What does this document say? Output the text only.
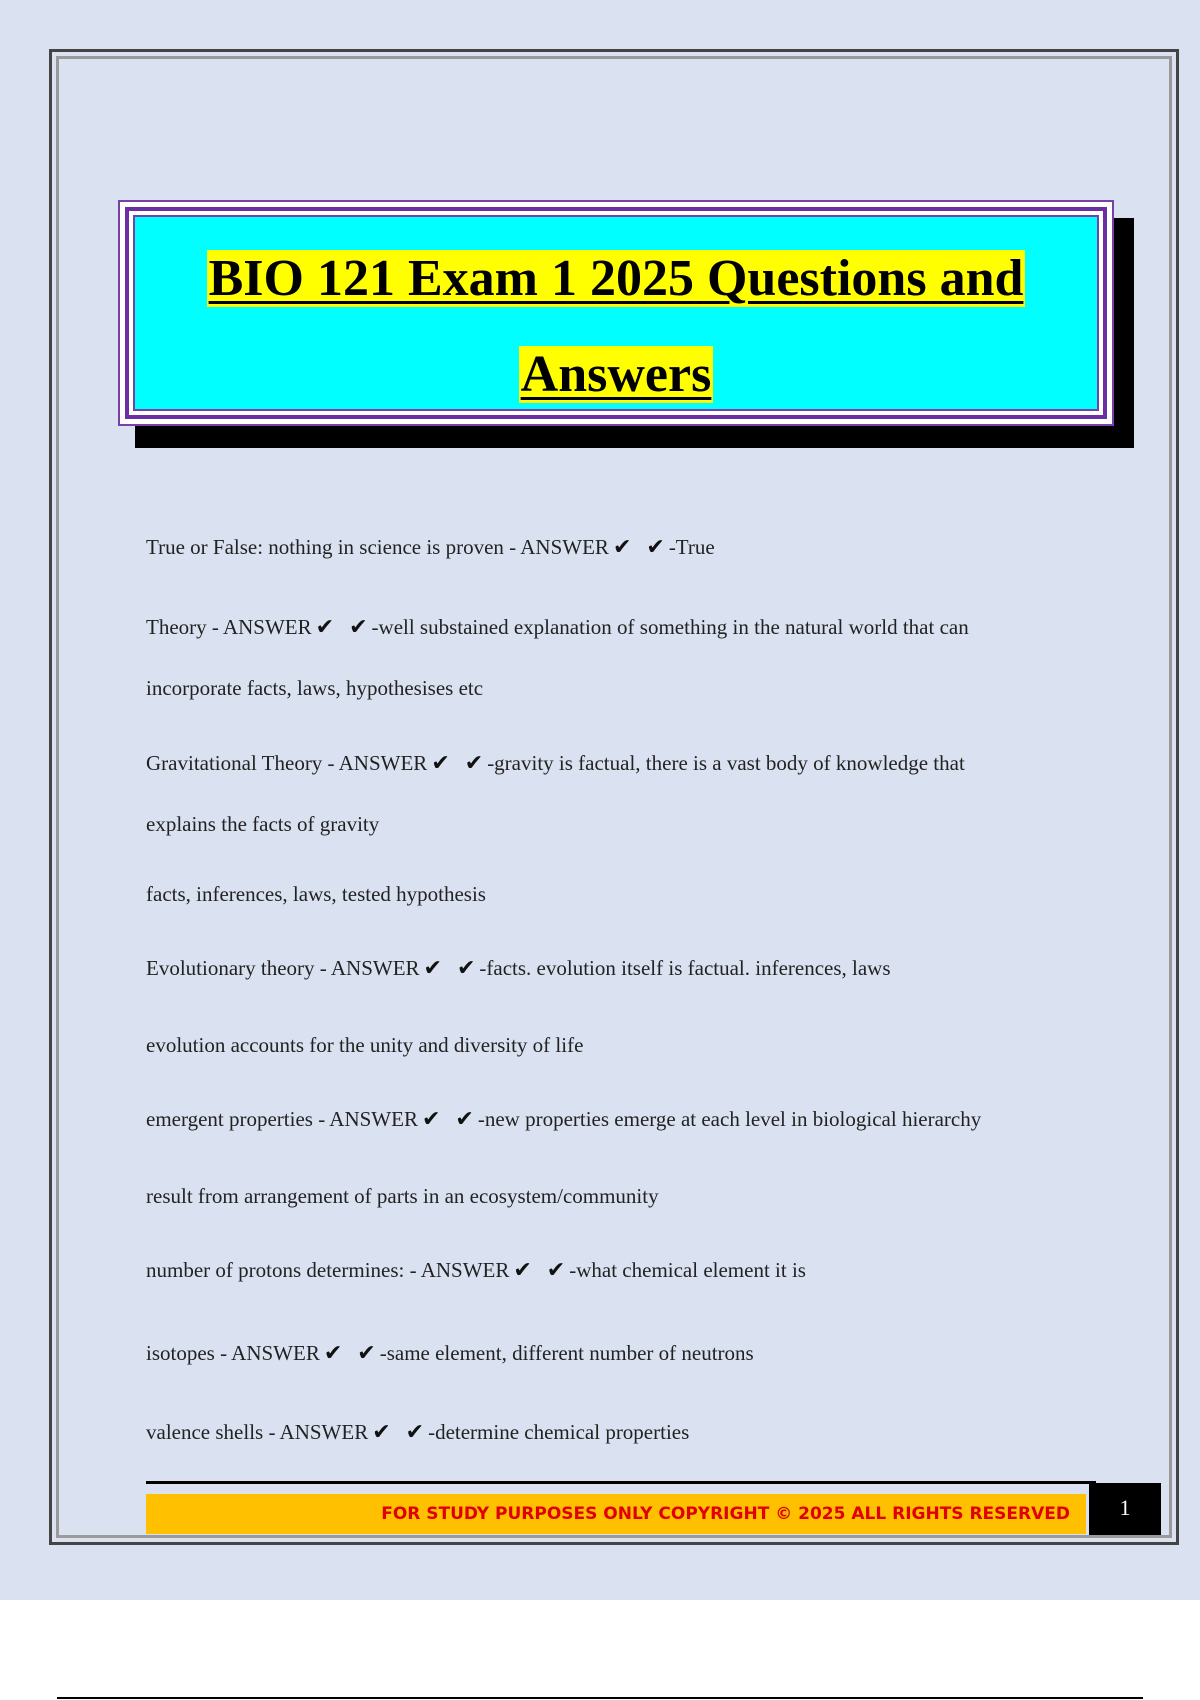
BIO 121 Exam 1 2025 Questions and
Answers
True or False: nothing in science is proven - ANSWER ✔ ✔-True
Theory - ANSWER ✔ ✔-well substained explanation of something in the natural world that can
incorporate facts, laws, hypothesises etc
Gravitational Theory - ANSWER ✔ ✔-gravity is factual, there is a vast body of knowledge that
explains the facts of gravity
facts, inferences, laws, tested hypothesis
Evolutionary theory - ANSWER ✔ ✔-facts. evolution itself is factual. inferences, laws
evolution accounts for the unity and diversity of life
emergent properties - ANSWER ✔ ✔-new properties emerge at each level in biological hierarchy
result from arrangement of parts in an ecosystem/community
number of protons determines: - ANSWER ✔ ✔-what chemical element it is
isotopes - ANSWER ✔ ✔-same element, different number of neutrons
valence shells - ANSWER ✔ ✔-determine chemical properties
FOR STUDY PURPOSES ONLY COPYRIGHT © 2025 ALL RIGHTS RESERVED	1
